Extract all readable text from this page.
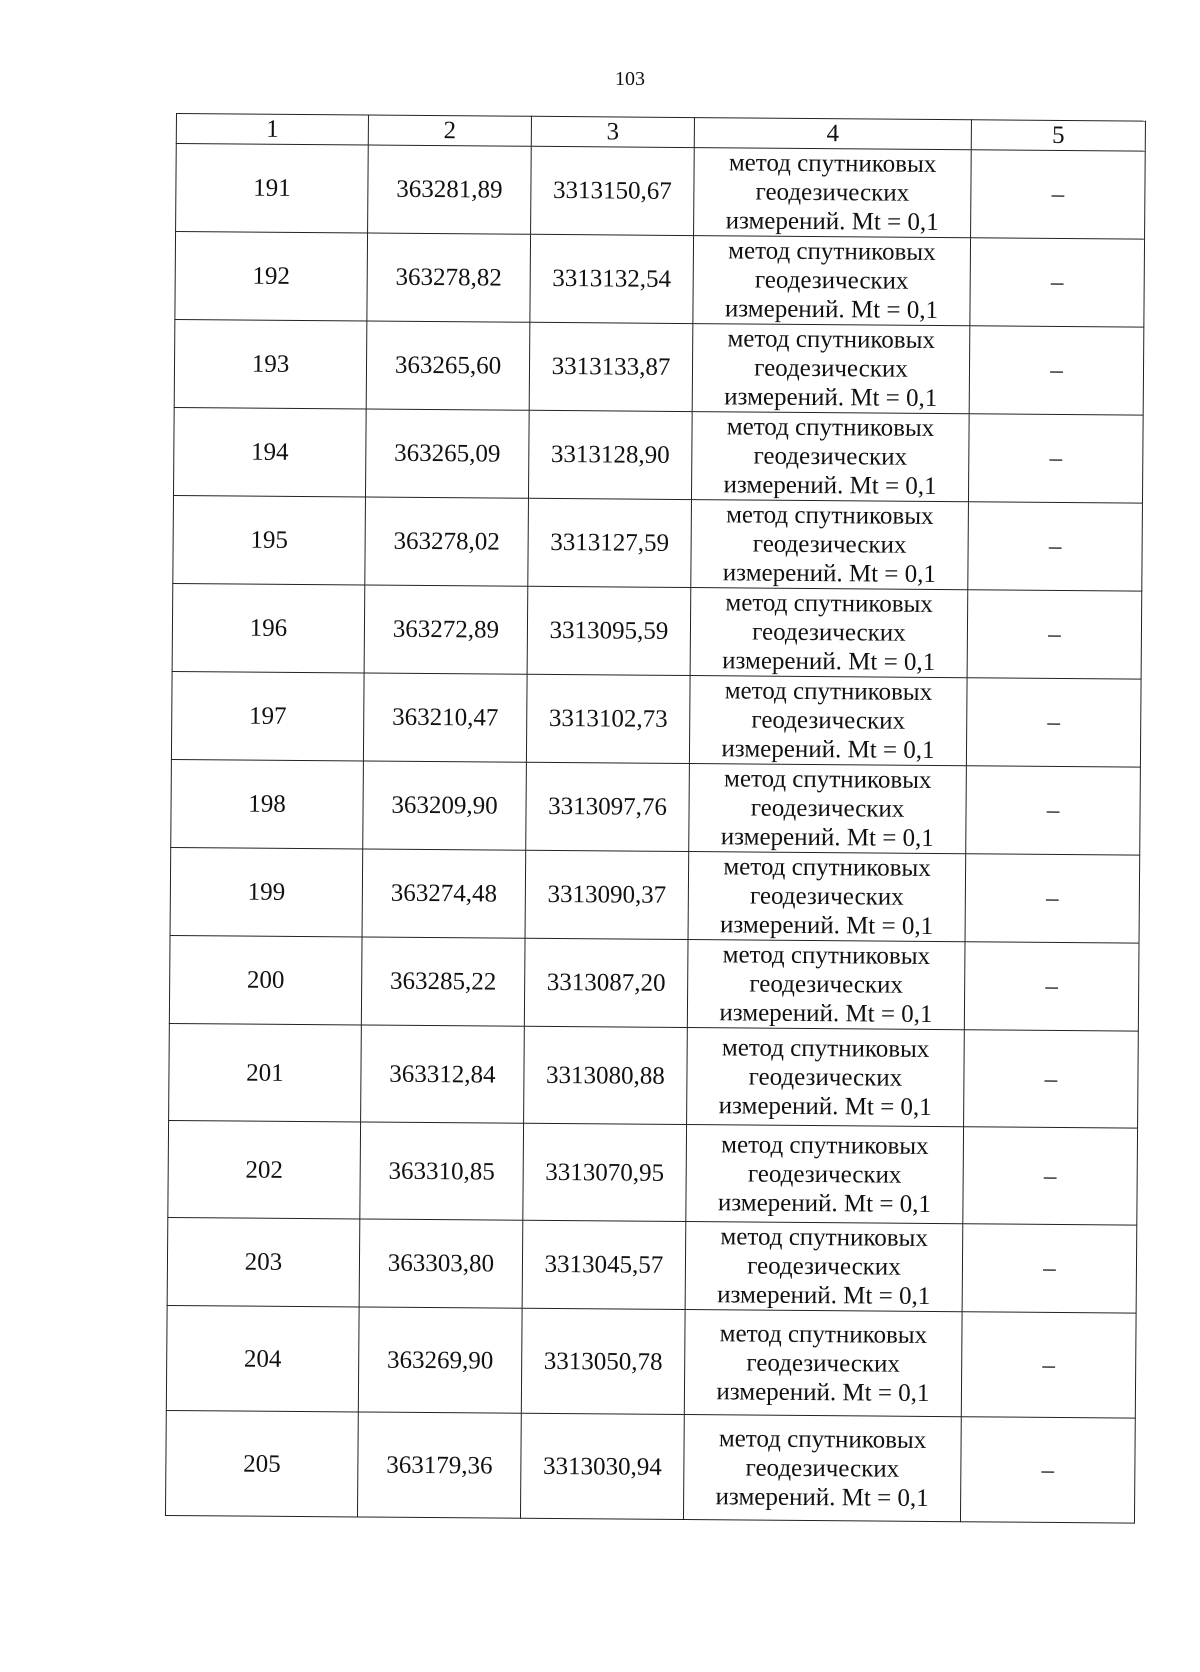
103
1	2	3	4	5
191	363281,89	3313150,67	метод спутниковых
геодезических
измерений. Mt = 0,1	–
192	363278,82	3313132,54	метод спутниковых
геодезических
измерений. Mt = 0,1	–
193	363265,60	3313133,87	метод спутниковых
геодезических
измерений. Mt = 0,1	–
194	363265,09	3313128,90	метод спутниковых
геодезических
измерений. Mt = 0,1	–
195	363278,02	3313127,59	метод спутниковых
геодезических
измерений. Mt = 0,1	–
196	363272,89	3313095,59	метод спутниковых
геодезических
измерений. Mt = 0,1	–
197	363210,47	3313102,73	метод спутниковых
геодезических
измерений. Mt = 0,1	–
198	363209,90	3313097,76	метод спутниковых
геодезических
измерений. Mt = 0,1	–
199	363274,48	3313090,37	метод спутниковых
геодезических
измерений. Mt = 0,1	–
200	363285,22	3313087,20	метод спутниковых
геодезических
измерений. Mt = 0,1	–
201	363312,84	3313080,88	метод спутниковых
геодезических
измерений. Mt = 0,1	–
202	363310,85	3313070,95	метод спутниковых
геодезических
измерений. Mt = 0,1	–
203	363303,80	3313045,57	метод спутниковых
геодезических
измерений. Mt = 0,1	–
204	363269,90	3313050,78	метод спутниковых
геодезических
измерений. Mt = 0,1	–
205	363179,36	3313030,94	метод спутниковых
геодезических
измерений. Mt = 0,1	–
